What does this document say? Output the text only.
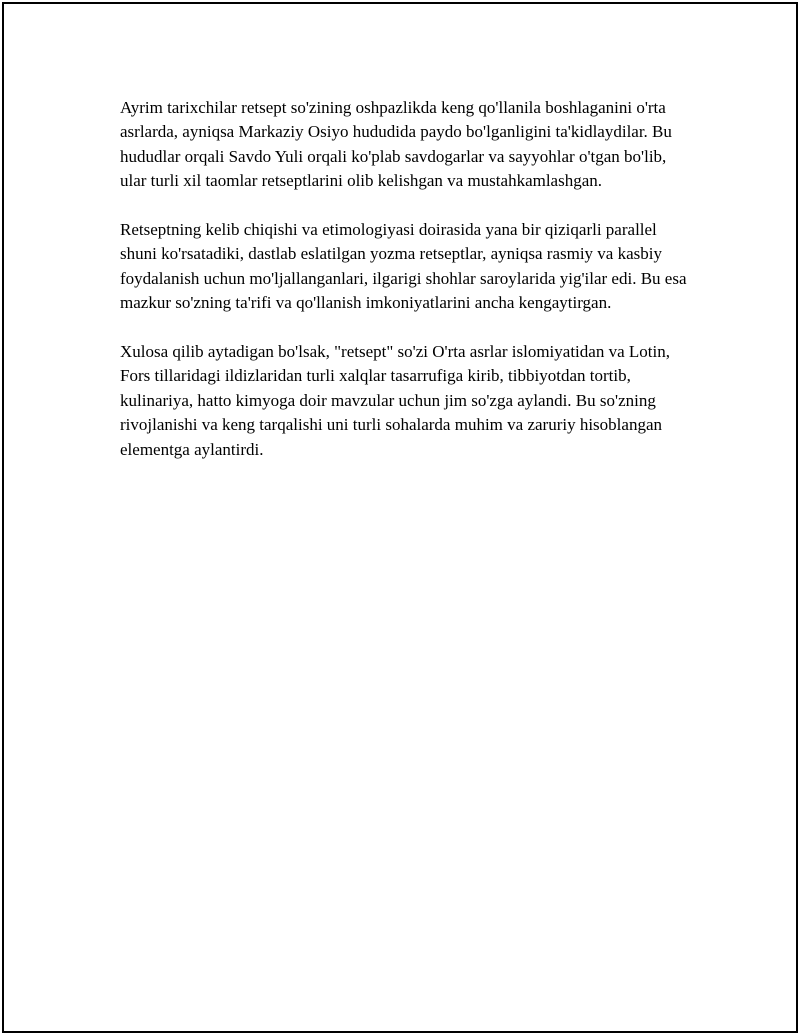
Ayrim tarixchilar retsept so'zining oshpazlikda keng qo'llanila boshlaganini o'rta asrlarda, ayniqsa Markaziy Osiyo hududida paydo bo'lganligini ta'kidlaydilar. Bu hududlar orqali Savdo Yuli orqali ko'plab savdogarlar va sayyohlar o'tgan bo'lib, ular turli xil taomlar retseptlarini olib kelishgan va mustahkamlashgan.

Retseptning kelib chiqishi va etimologiyasi doirasida yana bir qiziqarli parallel shuni ko'rsatadiki, dastlab eslatilgan yozma retseptlar, ayniqsa rasmiy va kasbiy foydalanish uchun mo'ljallanganlari, ilgarigi shohlar saroylarida yig'ilar edi. Bu esa mazkur so'zning ta'rifi va qo'llanish imkoniyatlarini ancha kengaytirgan.

Xulosa qilib aytadigan bo'lsak, "retsept" so'zi O'rta asrlar islomiyatidan va Lotin, Fors tillaridagi ildizlaridan turli xalqlar tasarrufiga kirib, tibbiyotdan tortib, kulinariya, hatto kimyoga doir mavzular uchun jim so'zga aylandi. Bu so'zning rivojlanishi va keng tarqalishi uni turli sohalarda muhim va zaruriy hisoblangan elementga aylantirdi.
